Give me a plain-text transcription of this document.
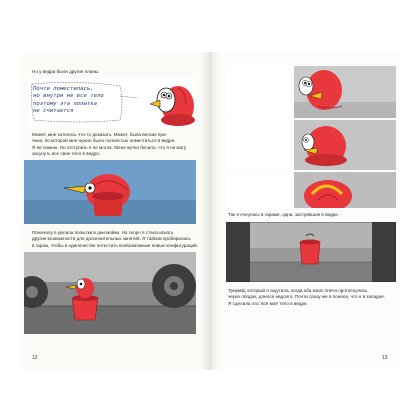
Но у ведра были другие планы.
Почти поместилась,
но внутри не все тело
поэтому эта попытка
не считается
Может, мне хотелось что-то доказать. Может, была веская при-
чина, по которой мне нужно было полностью поместиться в ведре.
Я не помню. Но отступить я не могла. Меня жутко бесило, что я не могу
засунуть все свое тело в ведро.
Поначалу я делала попытки в дни мойки. Но скоро я стала искать
другие возможности для дополнительных занятий. Я тайком пробиралась
в гараж, чтобы в одиночестве потестить всевозможные новые конфигураций.
12
Так я очнулась в гараже, одна, застрявшая в ведре.
Триумф, который я ощутила, когда оба моих плеча протиснулись
через ободок, длился недолго. Почти сразу же я поняла, что я в западне.
Я сделала это: всё моё тело в ведре.
13
